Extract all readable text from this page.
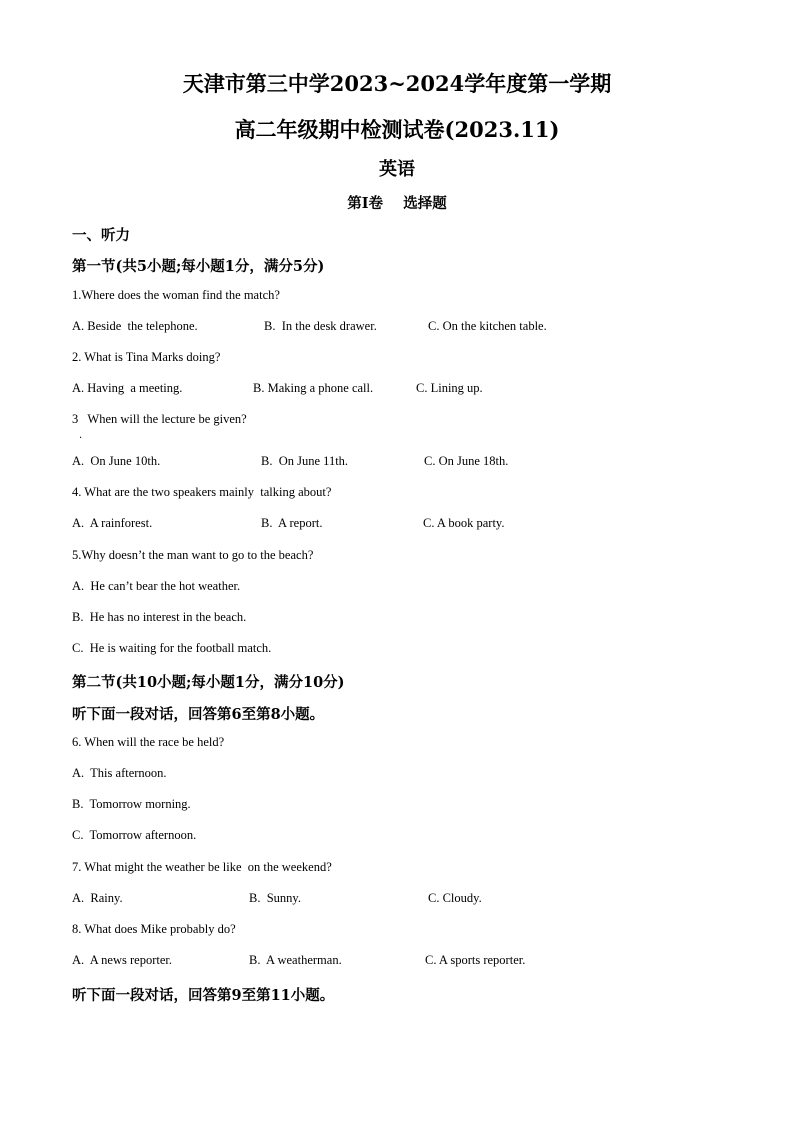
天津市第三中学2023~2024学年度第一学期
高二年级期中检测试卷(2023.11)
英语
第I卷    选择题
一、听力
第一节(共5小题;每小题1分，满分5分)
1.Where does the woman find the match?
A. Beside  the telephone.	B.  In the desk drawer.	C. On the kitchen table.
2. What is Tina Marks doing?
A. Having  a meeting.	B. Making a phone call.	C. Lining up.
3   When will the lecture be given?
·
A.  On June 10th.	B.  On June 11th.	C. On June 18th.
4. What are the two speakers mainly  talking about?
A.  A rainforest.	B.  A report.	C. A book party.
5.Why doesn’t the man want to go to the beach?
A.  He can’t bear the hot weather.
B.  He has no interest in the beach.
C.  He is waiting for the football match.
第二节(共10小题;每小题1分，满分10分)
听下面一段对话，回答第6至第8小题。
6. When will the race be held?
A.  This afternoon.
B.  Tomorrow morning.
C.  Tomorrow afternoon.
7. What might the weather be like  on the weekend?
A.  Rainy.	B.  Sunny.	C. Cloudy.
8. What does Mike probably do?
A.  A news reporter.	B.  A weatherman.	C. A sports reporter.
听下面一段对话，回答第9至第11小题。
